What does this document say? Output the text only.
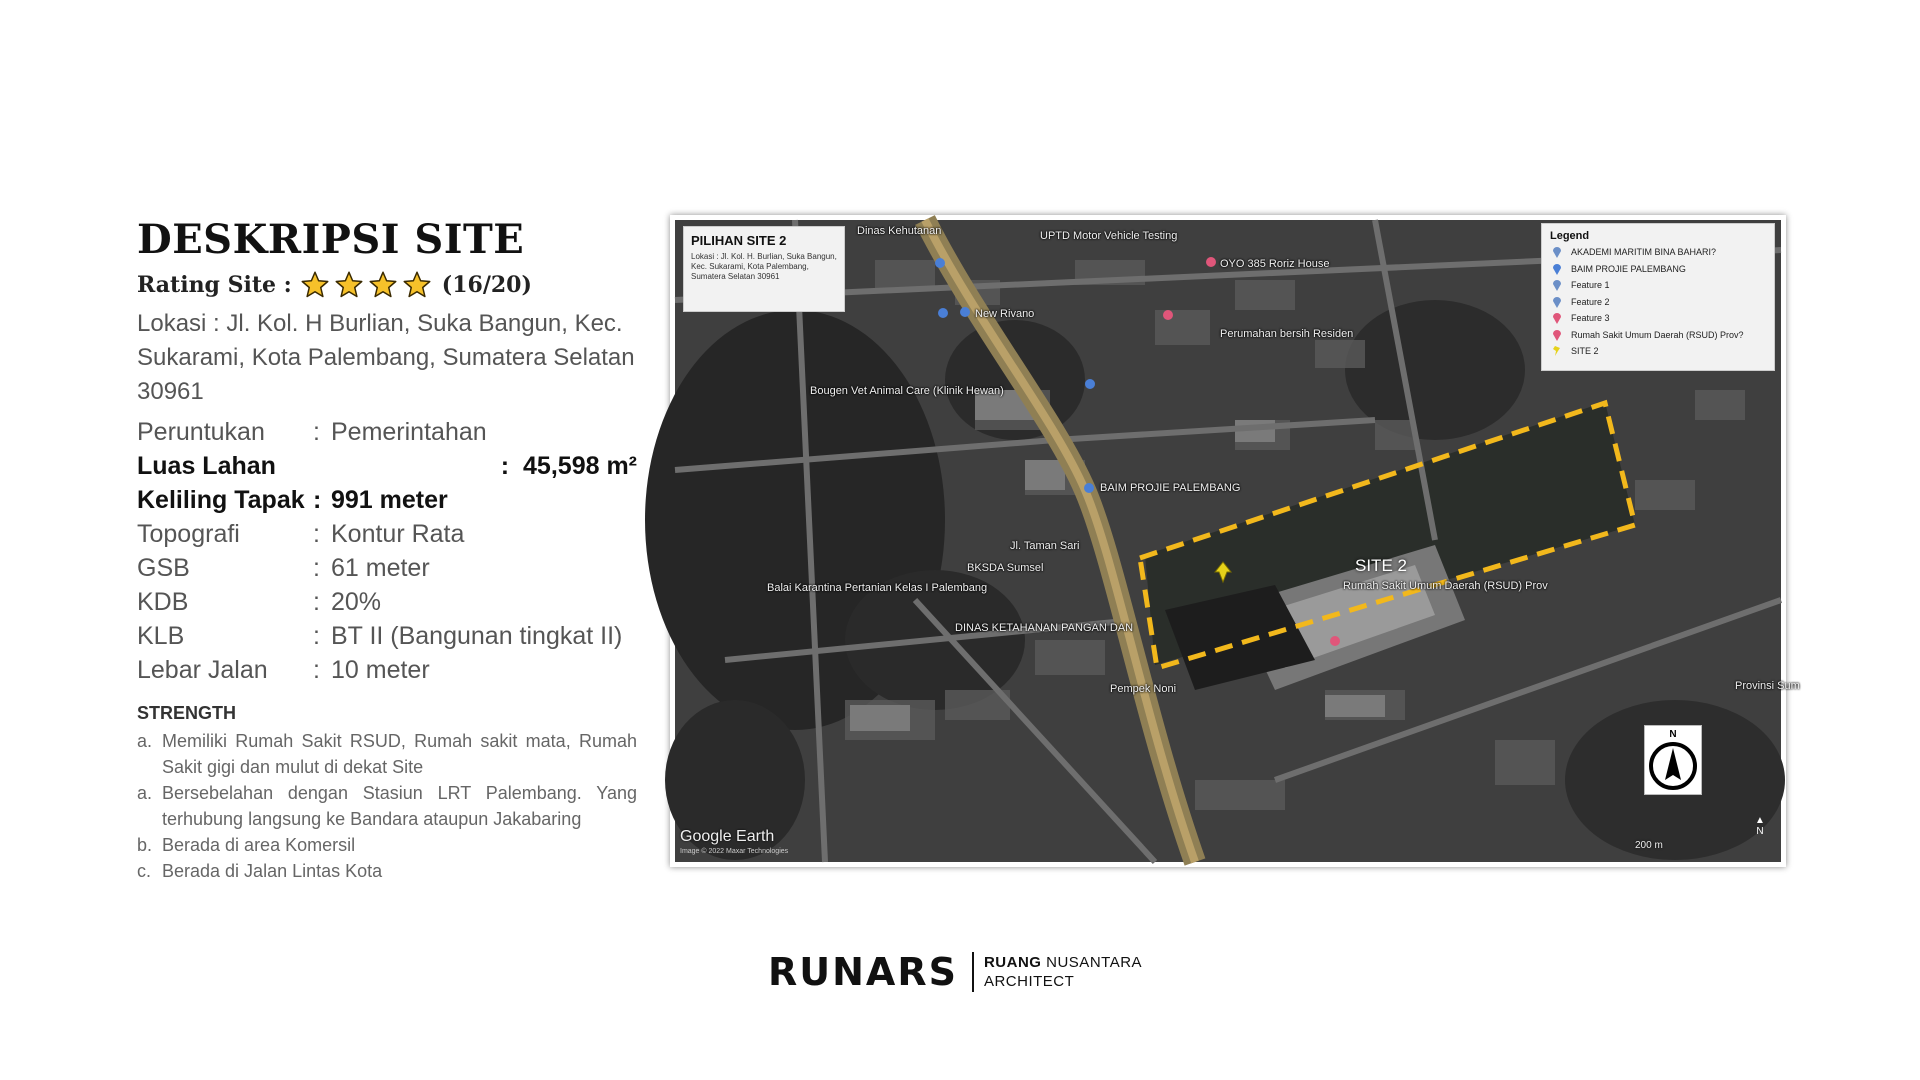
DESKRIPSI SITE
Rating Site :	(16/20)
Lokasi : Jl. Kol. H Burlian, Suka Bangun, Kec. Sukarami, Kota Palembang, Sumatera Selatan 30961
Peruntukan	: Pemerintahan
Luas Lahan	: 45,598 m²
Keliling Tapak : 991 meter
Topografi	: Kontur Rata
GSB	: 61 meter
KDB	: 20%
KLB	: BT II (Bangunan tingkat II)
Lebar Jalan	: 10 meter
STRENGTH
a. Memiliki Rumah Sakit RSUD, Rumah sakit mata, Rumah Sakit gigi dan mulut di dekat Site
a. Bersebelahan dengan Stasiun LRT Palembang. Yang terhubung langsung ke Bandara ataupun Jakabaring
b. Berada di area Komersil
c. Berada di Jalan Lintas Kota
Dinas Kehutanan	UPTD Motor Vehicle Testing
OYO 385 Roriz House
New Rivano
Perumahan bersih Residen
Bougen Vet Animal Care (Klinik Hewan)
BAIM PROJIE PALEMBANG
Jl. Taman Sari
BKSDA Sumsel
Balai Karantina Pertanian Kelas I Palembang
DINAS KETAHANAN PANGAN DAN
Rumah Sakit Umum Daerah (RSUD) Prov
Pempek Noni	Provinsi Sum
SITE 2
PILIHAN SITE 2
Lokasi : Jl. Kol. H. Burlian, Suka Bangun, Kec. Sukarami, Kota Palembang, Sumatera Selatan 30961
Legend
AKADEMI MARITIM BINA BAHARI?
BAIM PROJIE PALEMBANG
Feature 1
Feature 2
Feature 3
Rumah Sakit Umum Daerah (RSUD) Prov?
SITE 2
N
▲
N
Google Earth
Image © 2022 Maxar Technologies
200 m
RUNARS RUANG NUSANTARA
ARCHITECT
